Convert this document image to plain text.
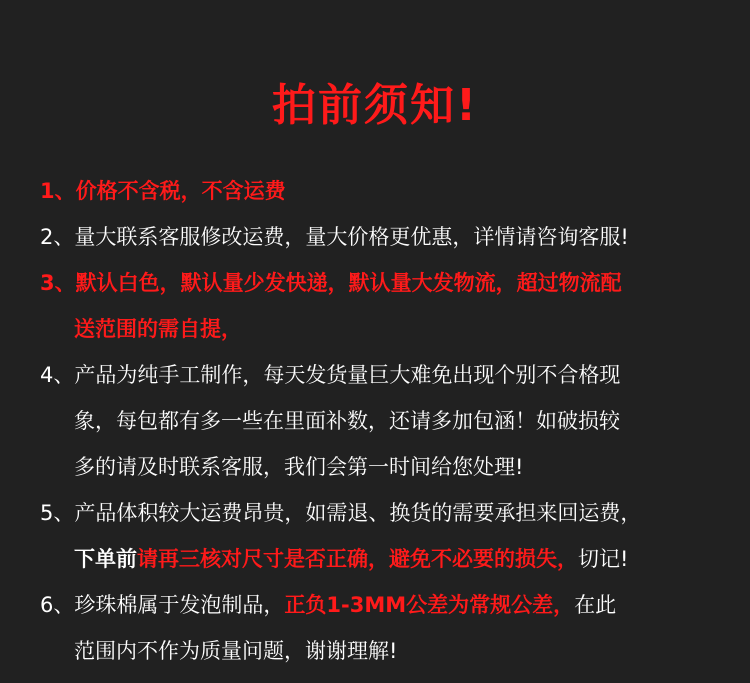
拍前须知!
1、价格不含税，不含运费
2、量大联系客服修改运费，量大价格更优惠，详情请咨询客服!
3、默认白色，默认量少发快递，默认量大发物流，超过物流配
送范围的需自提，
4、产品为纯手工制作，每天发货量巨大难免出现个别不合格现
象，每包都有多一些在里面补数，还请多加包涵！如破损较
多的请及时联系客服，我们会第一时间给您处理!
5、产品体积较大运费昂贵，如需退、换货的需要承担来回运费，
下单前请再三核对尺寸是否正确，避免不必要的损失，切记!
6、珍珠棉属于发泡制品，正负1-3MM公差为常规公差，在此
范围内不作为质量问题，谢谢理解!
